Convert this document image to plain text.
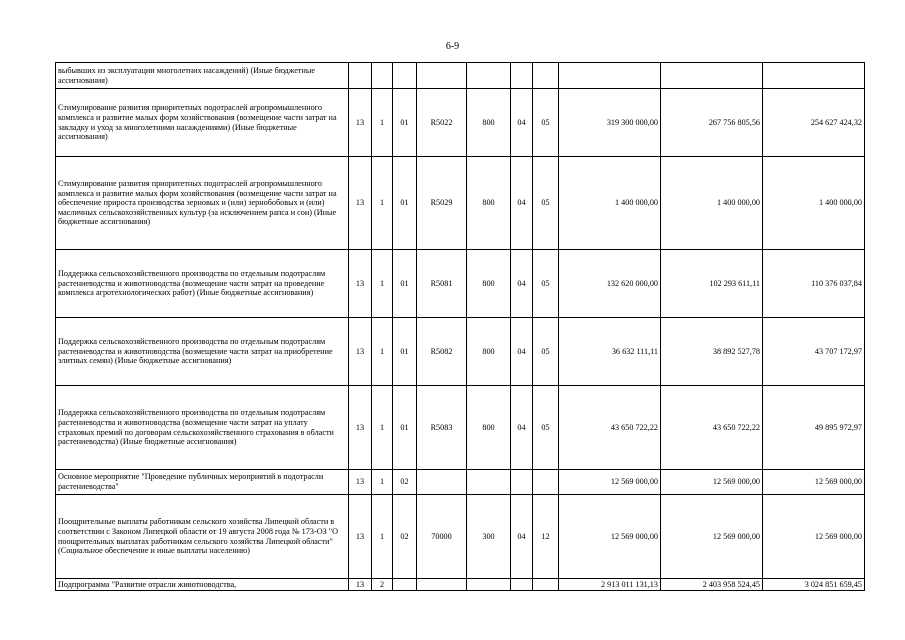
6-9
выбывших из эксплуатации многолетних насаждений) (Иные бюджетные ассигнования)										
Стимулирование развития приоритетных подотраслей агропромышленного комплекса и развитие малых форм хозяйствования (возмещение части затрат на закладку и уход за многолетними насаждениями) (Иные бюджетные ассигнования)	13	1	01	R5022	800	04	05	319 300 000,00	267 756 805,56	254 627 424,32
Стимулирование развития приоритетных подотраслей агропромышленного комплекса и развитие малых форм хозяйствования (возмещение части затрат на обеспечение прироста производства зерновых и (или) зернобобовых и (или) масличных сельскохозяйственных культур (за исключением рапса и сои) (Иные бюджетные ассигнования)	13	1	01	R5029	800	04	05	1 400 000,00	1 400 000,00	1 400 000,00
Поддержка сельскохозяйственного производства по отдельным подотраслям растениеводства и животноводства (возмещение части затрат на проведение комплекса агротехнологических работ) (Иные бюджетные ассигнования)	13	1	01	R5081	800	04	05	132 620 000,00	102 293 611,11	110 376 037,84
Поддержка сельскохозяйственного производства по отдельным подотраслям растениеводства и животноводства (возмещение части затрат на приобретение элитных семян) (Иные бюджетные ассигнования)	13	1	01	R5082	800	04	05	36 632 111,11	38 892 527,78	43 707 172,97
Поддержка сельскохозяйственного производства по отдельным подотраслям растениеводства и животноводства (возмещение части затрат на уплату страховых премий по договорам сельскохозяйственного страхования в области растениеводства) (Иные бюджетные ассигнования)	13	1	01	R5083	800	04	05	43 650 722,22	43 650 722,22	49 895 972,97
Основное мероприятие "Проведение публичных мероприятий в подотрасли растениеводства"	13	1	02					12 569 000,00	12 569 000,00	12 569 000,00
Поощрительные выплаты работникам сельского хозяйства Липецкой области в соответствии с Законом Липецкой области от 19 августа 2008 года № 173-ОЗ "О поощрительных выплатах работникам сельского хозяйства Липецкой области" (Социальное обеспечение и иные выплаты населению)	13	1	02	70000	300	04	12	12 569 000,00	12 569 000,00	12 569 000,00
Подпрограмма "Развитие отрасли животноводства,	13	2						2 913 011 131,13	2 403 958 524,45	3 024 851 659,45
